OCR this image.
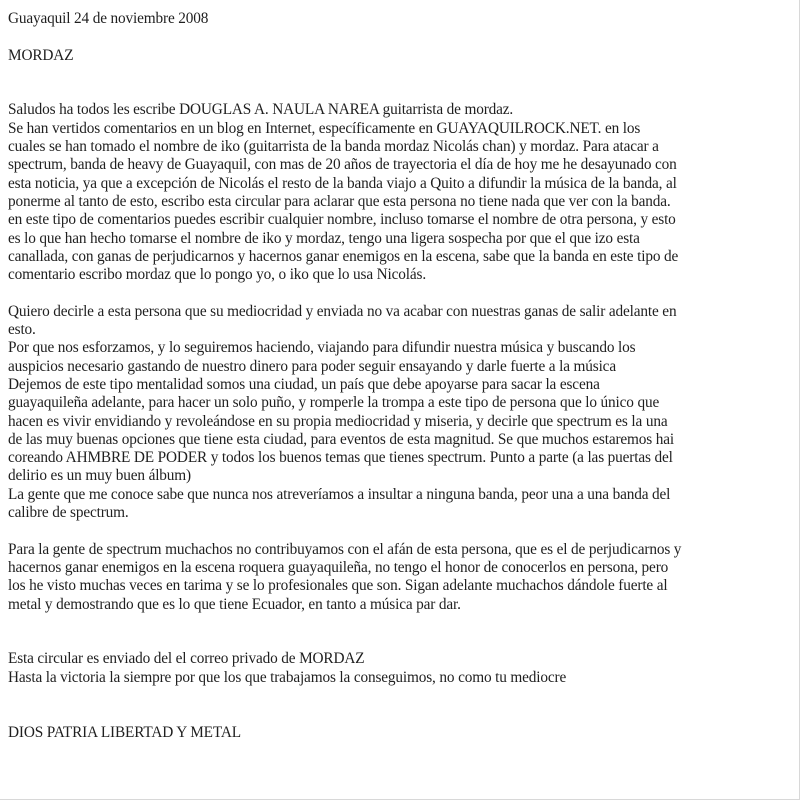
Guayaquil 24 de noviembre 2008
MORDAZ
Saludos ha todos les escribe DOUGLAS A. NAULA NAREA guitarrista de mordaz.
Se han vertidos comentarios en un blog en Internet, específicamente en GUAYAQUILROCK.NET. en los
cuales se han tomado el nombre de iko (guitarrista de la banda mordaz Nicolás chan) y mordaz. Para atacar a
spectrum, banda de heavy de Guayaquil, con mas de 20 años de trayectoria el día de hoy me he desayunado con
esta noticia, ya que a excepción de Nicolás el resto de la banda viajo a Quito a difundir la música de la banda, al
ponerme al tanto de esto, escribo esta circular para aclarar que esta persona no tiene nada que ver con la banda.
en este tipo de comentarios puedes escribir cualquier nombre, incluso tomarse el nombre de otra persona, y esto
es lo que han hecho tomarse el nombre de iko y mordaz, tengo una ligera sospecha por que el que izo esta
canallada, con ganas de perjudicarnos y hacernos ganar enemigos en la escena, sabe que la banda en este tipo de
comentario escribo mordaz que lo pongo yo, o iko que lo usa Nicolás.
Quiero decirle a esta persona que su mediocridad y enviada no va acabar con nuestras ganas de salir adelante en
esto.
Por que nos esforzamos, y lo seguiremos haciendo, viajando para difundir nuestra música y buscando los
auspicios necesario gastando de nuestro dinero para poder seguir ensayando y darle fuerte a la música
Dejemos de este tipo mentalidad somos una ciudad, un país que debe apoyarse para sacar la escena
guayaquileña adelante, para hacer un solo puño, y romperle la trompa a este tipo de persona que lo único que
hacen es vivir envidiando y revoleándose en su propia mediocridad y miseria, y decirle que spectrum es la una
de las muy buenas opciones que tiene esta ciudad, para eventos de esta magnitud. Se que muchos estaremos hai
coreando AHMBRE DE PODER y todos los buenos temas que tienes spectrum. Punto a parte (a las puertas del
delirio es un muy buen álbum)
La gente que me conoce sabe que nunca nos atreveríamos a insultar a ninguna banda, peor una a una banda del
calibre de spectrum.
Para la gente de spectrum muchachos no contribuyamos con el afán de esta persona, que es el de perjudicarnos y
hacernos ganar enemigos en la escena roquera guayaquileña, no tengo el honor de conocerlos en persona, pero
los he visto muchas veces en tarima y se lo profesionales que son. Sigan adelante muchachos dándole fuerte al
metal y demostrando que es lo que tiene Ecuador, en tanto a música par dar.
Esta circular es enviado del el correo privado de MORDAZ
Hasta la victoria la siempre por que los que trabajamos la conseguimos, no como tu mediocre
DIOS PATRIA LIBERTAD Y METAL
